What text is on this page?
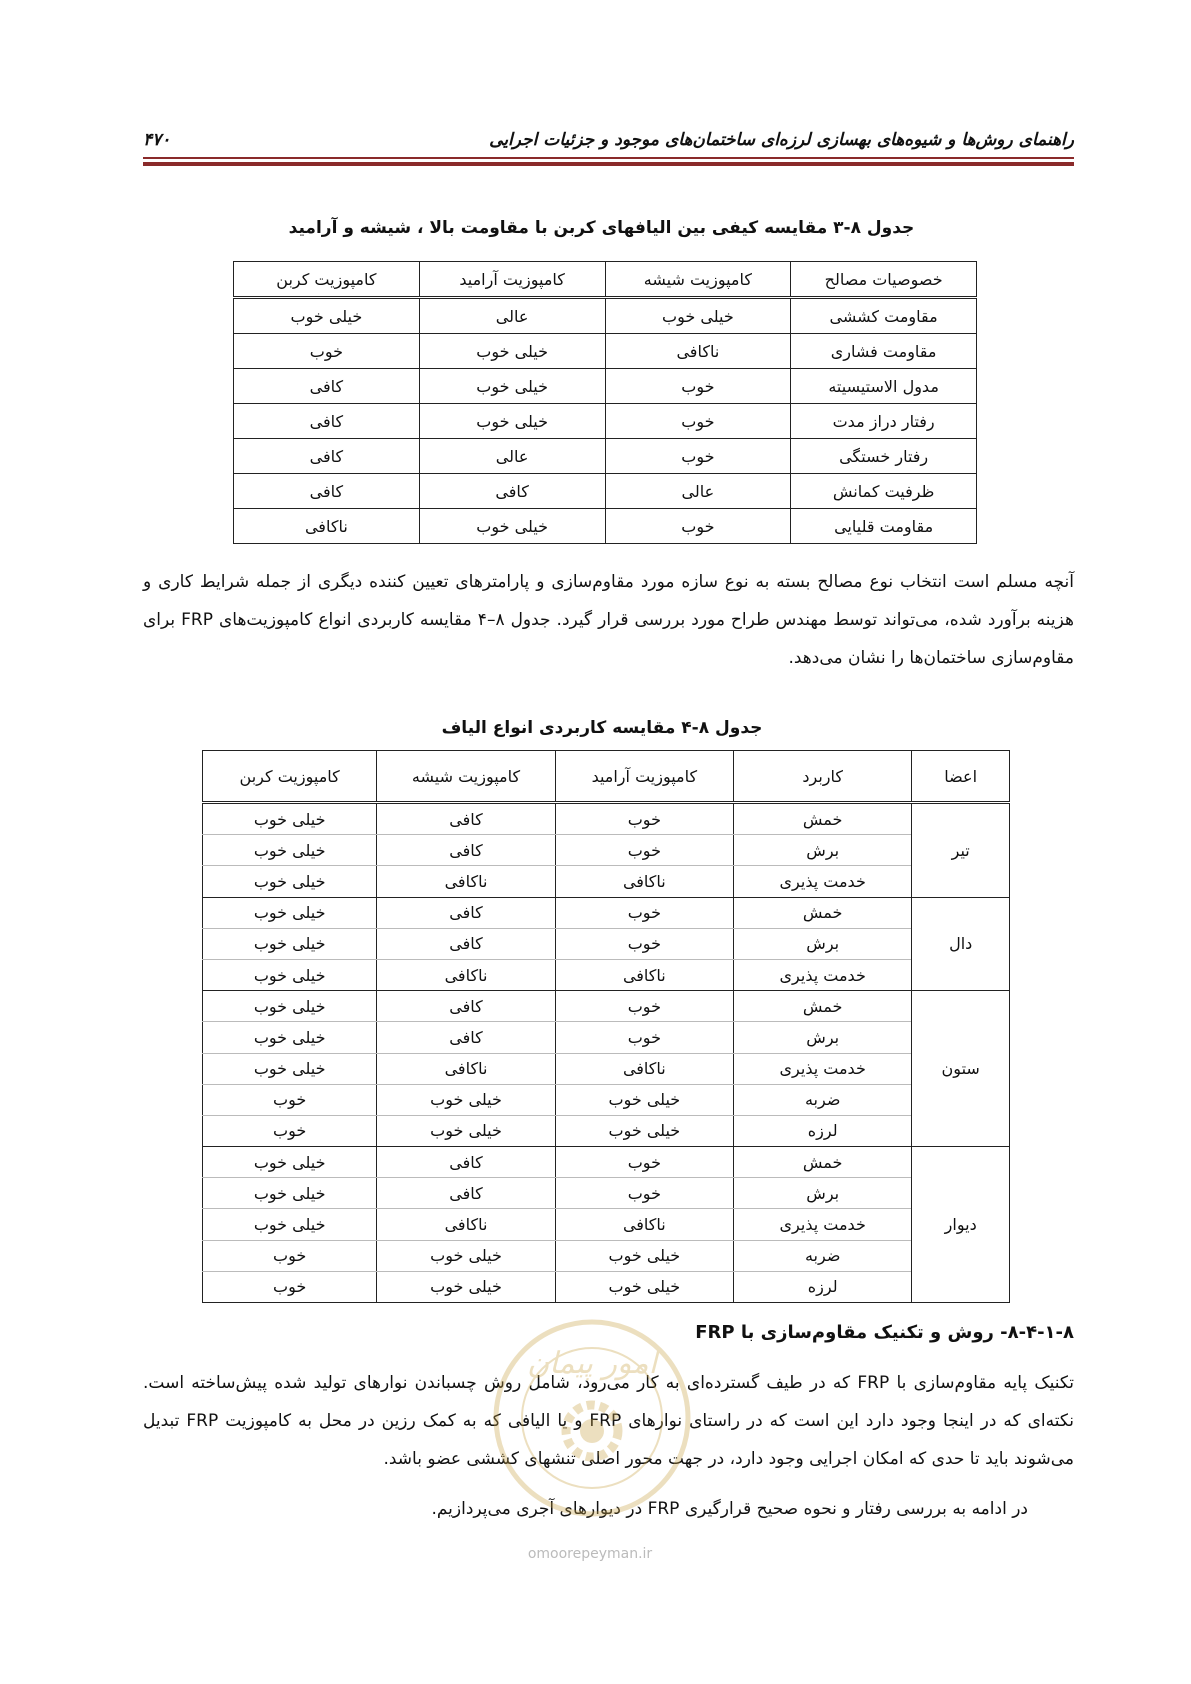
راهنمای روش‌ها و شیوه‌های بهسازی لرزه‌ای ساختمان‌های موجود و جزئیات اجرایی
۴۷۰
جدول ۸-۳ مقایسه کیفی بین الیافهای کربن با مقاومت بالا ، شیشه و آرامید
خصوصیات مصالح	کامپوزیت شیشه	کامپوزیت آرامید	کامپوزیت کربن
مقاومت کششی	خیلی خوب	عالی	خیلی خوب
مقاومت فشاری	ناکافی	خیلی خوب	خوب
مدول الاستیسیته	خوب	خیلی خوب	کافی
رفتار دراز مدت	خوب	خیلی خوب	کافی
رفتار خستگی	خوب	عالی	کافی
ظرفیت کمانش	عالی	کافی	کافی
مقاومت قلیایی	خوب	خیلی خوب	ناکافی
آنچه مسلم است انتخاب نوع مصالح بسته به نوع سازه مورد مقاوم‌سازی و پارامترهای تعیین کننده دیگری از جمله شرایط کاری و هزینه برآورد شده، می‌تواند توسط مهندس طراح مورد بررسی قرار گیرد. جدول ۸–۴ مقایسه کاربردی انواع کامپوزیت‌های FRP برای مقاوم‌سازی ساختمان‌ها را نشان می‌دهد.
جدول ۸-۴ مقایسه کاربردی انواع الیاف
اعضا	کاربرد	کامپوزیت آرامید	کامپوزیت شیشه	کامپوزیت کربن
تیر	خمش	خوب	کافی	خیلی خوب
	برش	خوب	کافی	خیلی خوب
	خدمت پذیری	ناکافی	ناکافی	خیلی خوب
دال	خمش	خوب	کافی	خیلی خوب
	برش	خوب	کافی	خیلی خوب
	خدمت پذیری	ناکافی	ناکافی	خیلی خوب
ستون	خمش	خوب	کافی	خیلی خوب
	برش	خوب	کافی	خیلی خوب
	خدمت پذیری	ناکافی	ناکافی	خیلی خوب
	ضربه	خیلی خوب	خیلی خوب	خوب
	لرزه	خیلی خوب	خیلی خوب	خوب
دیوار	خمش	خوب	کافی	خیلی خوب
	برش	خوب	کافی	خیلی خوب
	خدمت پذیری	ناکافی	ناکافی	خیلی خوب
	ضربه	خیلی خوب	خیلی خوب	خوب
	لرزه	خیلی خوب	خیلی خوب	خوب
۸-۴-۱-۸- روش و تکنیک مقاوم‌سازی با FRP
تکنیک پایه مقاوم‌سازی با FRP که در طیف گسترده‌ای به کار می‌رود، شامل روش چسباندن نوارهای تولید شده پیش‌ساخته است. نکته‌ای که در اینجا وجود دارد این است که در راستای نوارهای FRP و یا الیافی که به کمک رزین در محل به کامپوزیت FRP تبدیل می‌شوند باید تا حدی که امکان اجرایی وجود دارد، در جهت محور اصلی تنشهای کششی عضو باشد.
در ادامه به بررسی رفتار و نحوه صحیح قرارگیری FRP در دیوارهای آجری می‌پردازیم.
امور پیمان
omoorepeyman.ir
